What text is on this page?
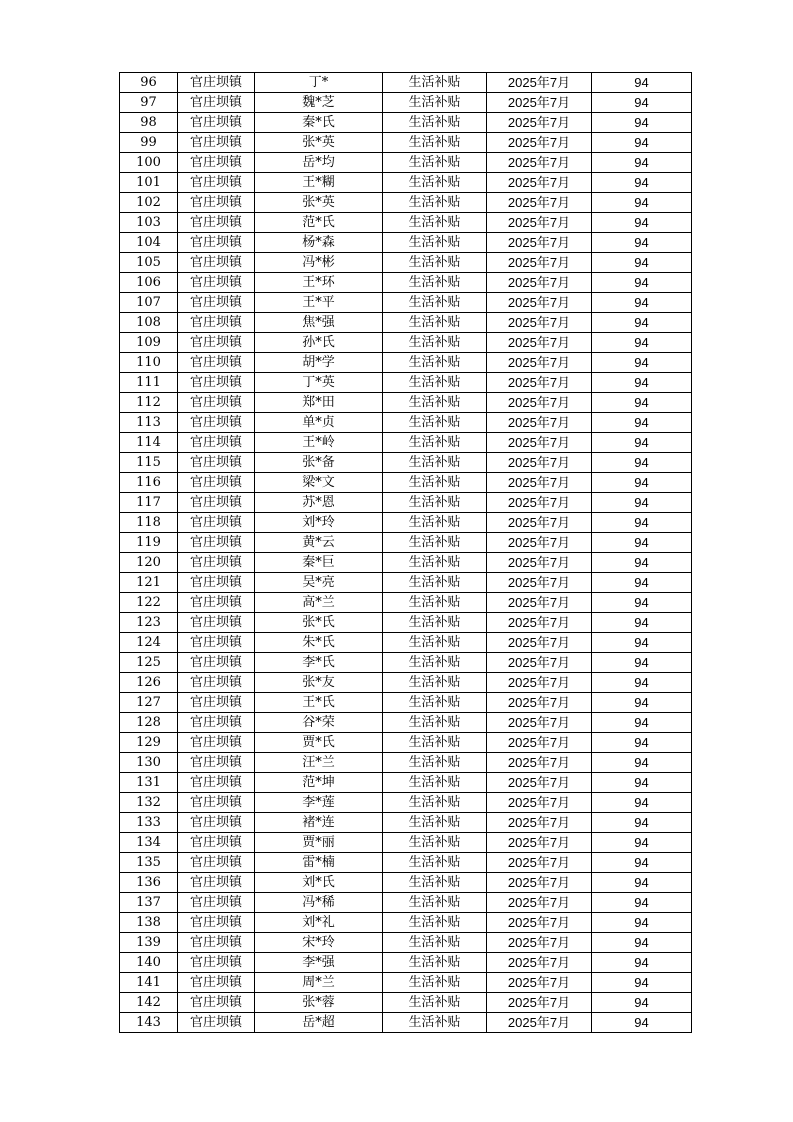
96	官庄坝镇	丁*	生活补贴	2025年7月	94
97	官庄坝镇	魏*芝	生活补贴	2025年7月	94
98	官庄坝镇	秦*氏	生活补贴	2025年7月	94
99	官庄坝镇	张*英	生活补贴	2025年7月	94
100	官庄坝镇	岳*均	生活补贴	2025年7月	94
101	官庄坝镇	王*糊	生活补贴	2025年7月	94
102	官庄坝镇	张*英	生活补贴	2025年7月	94
103	官庄坝镇	范*氏	生活补贴	2025年7月	94
104	官庄坝镇	杨*森	生活补贴	2025年7月	94
105	官庄坝镇	冯*彬	生活补贴	2025年7月	94
106	官庄坝镇	王*环	生活补贴	2025年7月	94
107	官庄坝镇	王*平	生活补贴	2025年7月	94
108	官庄坝镇	焦*强	生活补贴	2025年7月	94
109	官庄坝镇	孙*氏	生活补贴	2025年7月	94
110	官庄坝镇	胡*学	生活补贴	2025年7月	94
111	官庄坝镇	丁*英	生活补贴	2025年7月	94
112	官庄坝镇	郑*田	生活补贴	2025年7月	94
113	官庄坝镇	单*贞	生活补贴	2025年7月	94
114	官庄坝镇	王*岭	生活补贴	2025年7月	94
115	官庄坝镇	张*备	生活补贴	2025年7月	94
116	官庄坝镇	梁*文	生活补贴	2025年7月	94
117	官庄坝镇	苏*恩	生活补贴	2025年7月	94
118	官庄坝镇	刘*玲	生活补贴	2025年7月	94
119	官庄坝镇	黄*云	生活补贴	2025年7月	94
120	官庄坝镇	秦*巨	生活补贴	2025年7月	94
121	官庄坝镇	吴*亮	生活补贴	2025年7月	94
122	官庄坝镇	高*兰	生活补贴	2025年7月	94
123	官庄坝镇	张*氏	生活补贴	2025年7月	94
124	官庄坝镇	朱*氏	生活补贴	2025年7月	94
125	官庄坝镇	李*氏	生活补贴	2025年7月	94
126	官庄坝镇	张*友	生活补贴	2025年7月	94
127	官庄坝镇	王*氏	生活补贴	2025年7月	94
128	官庄坝镇	谷*荣	生活补贴	2025年7月	94
129	官庄坝镇	贾*氏	生活补贴	2025年7月	94
130	官庄坝镇	汪*兰	生活补贴	2025年7月	94
131	官庄坝镇	范*坤	生活补贴	2025年7月	94
132	官庄坝镇	李*莲	生活补贴	2025年7月	94
133	官庄坝镇	褚*连	生活补贴	2025年7月	94
134	官庄坝镇	贾*丽	生活补贴	2025年7月	94
135	官庄坝镇	雷*楠	生活补贴	2025年7月	94
136	官庄坝镇	刘*氏	生活补贴	2025年7月	94
137	官庄坝镇	冯*稀	生活补贴	2025年7月	94
138	官庄坝镇	刘*礼	生活补贴	2025年7月	94
139	官庄坝镇	宋*玲	生活补贴	2025年7月	94
140	官庄坝镇	李*强	生活补贴	2025年7月	94
141	官庄坝镇	周*兰	生活补贴	2025年7月	94
142	官庄坝镇	张*蓉	生活补贴	2025年7月	94
143	官庄坝镇	岳*超	生活补贴	2025年7月	94
